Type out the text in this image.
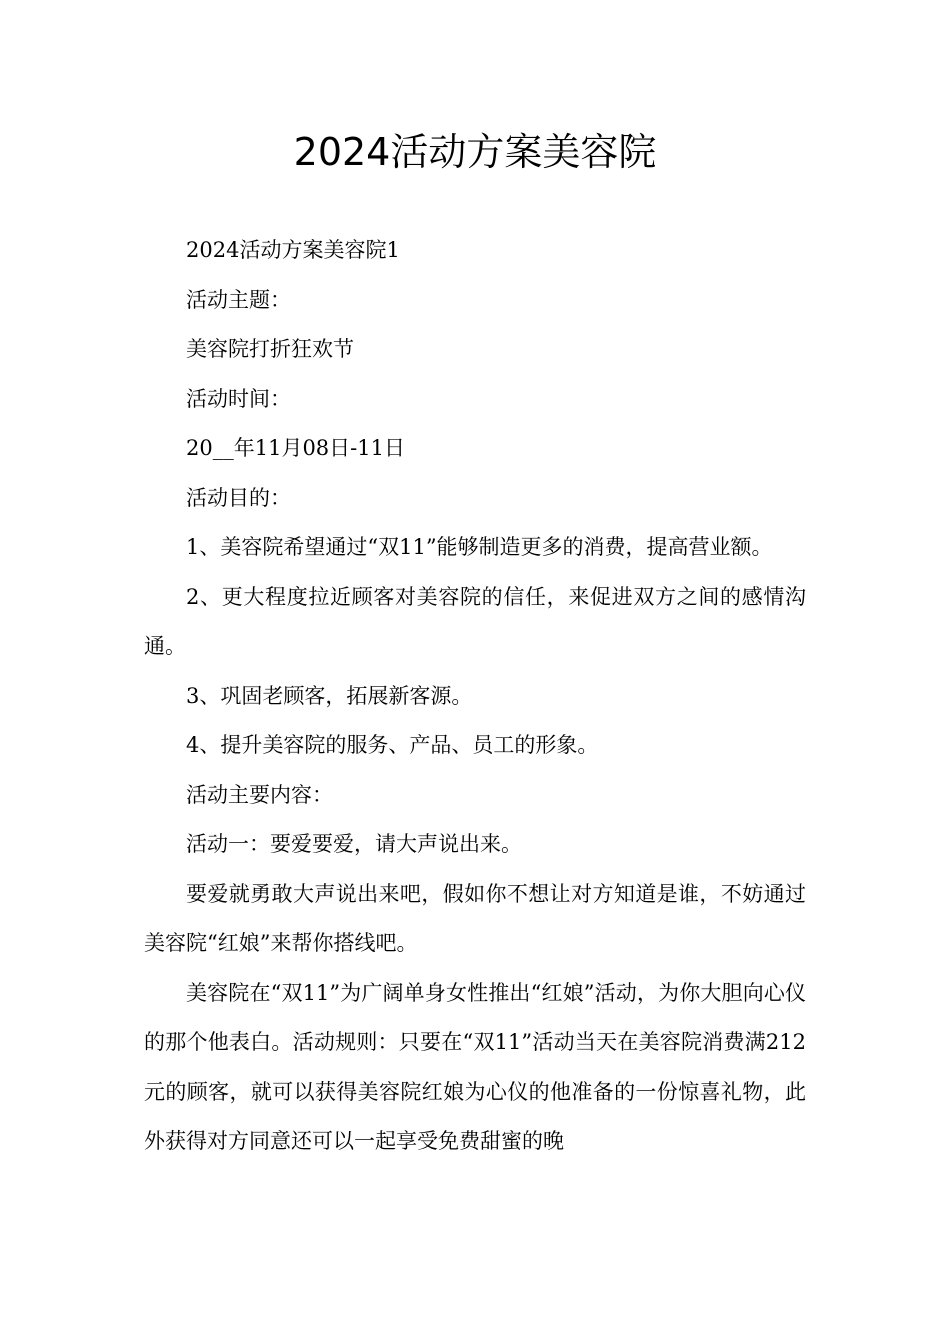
2024活动方案美容院

2024活动方案美容院1

活动主题：

美容院打折狂欢节

活动时间：

20__年11月08日-11日

活动目的：

1、美容院希望通过“双11”能够制造更多的消费，提高营业额。

2、更大程度拉近顾客对美容院的信任，来促进双方之间的感情沟通。

3、巩固老顾客，拓展新客源。

4、提升美容院的服务、产品、员工的形象。

活动主要内容：

活动一：要爱要爱，请大声说出来。

要爱就勇敢大声说出来吧，假如你不想让对方知道是谁，不妨通过美容院“红娘”来帮你搭线吧。

美容院在“双11”为广阔单身女性推出“红娘”活动，为你大胆向心仪的那个他表白。活动规则：只要在“双11”活动当天在美容院消费满212元的顾客，就可以获得美容院红娘为心仪的他准备的一份惊喜礼物，此外获得对方同意还可以一起享受免费甜蜜的晚
